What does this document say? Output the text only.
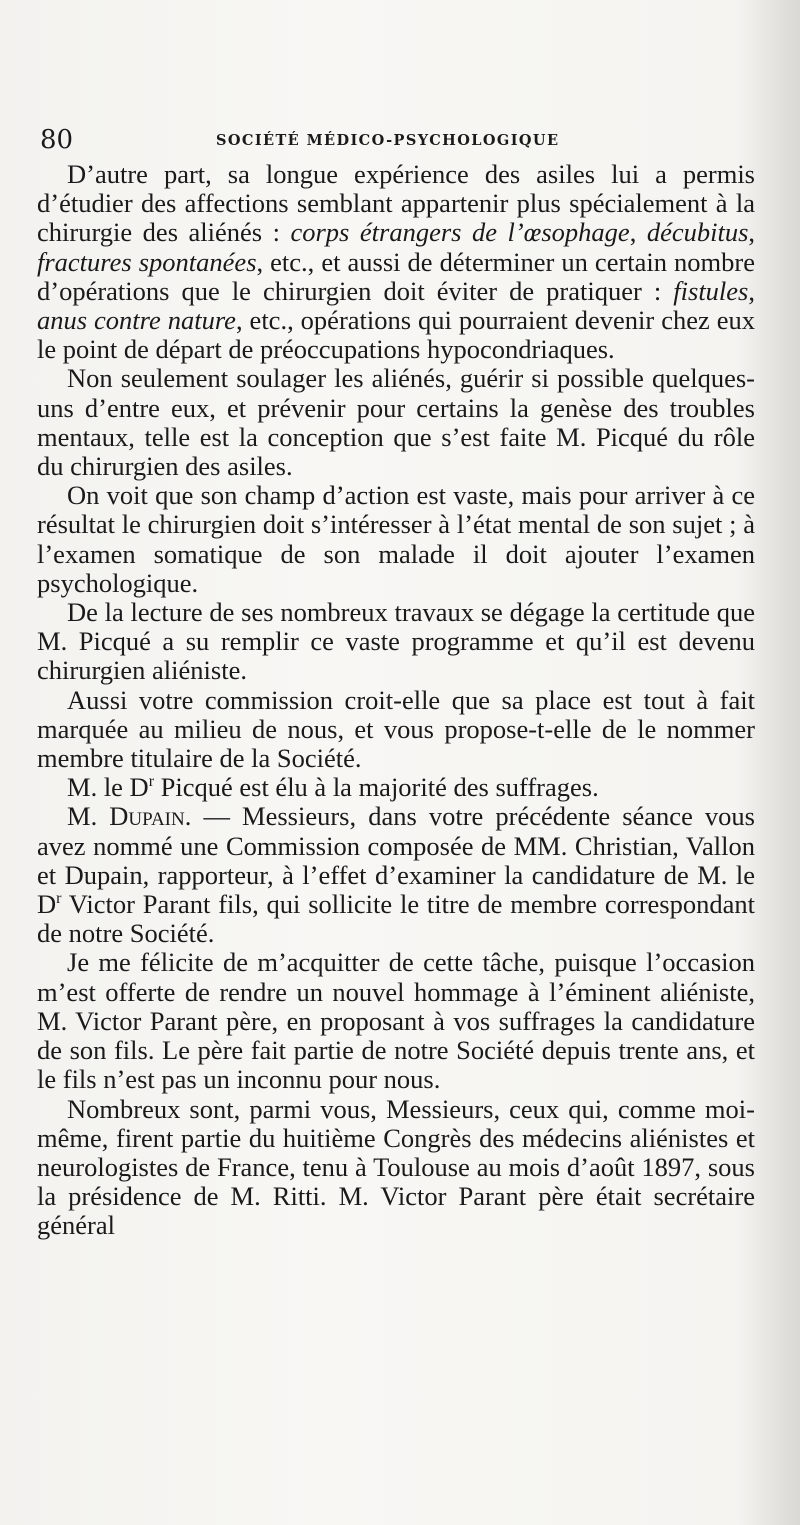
80	SOCIÉTÉ MÉDICO-PSYCHOLOGIQUE

D’autre part, sa longue expérience des asiles lui a permis d’étudier des affections semblant appartenir plus spécialement à la chirurgie des aliénés : corps étrangers de l’œsophage, décubitus, fractures spontanées, etc., et aussi de déterminer un certain nombre d’opérations que le chirurgien doit éviter de pratiquer : fistules, anus contre nature, etc., opérations qui pourraient devenir chez eux le point de départ de préoccupations hypocondriaques.

Non seulement soulager les aliénés, guérir si possible quelques-uns d’entre eux, et prévenir pour certains la genèse des troubles mentaux, telle est la conception que s’est faite M. Picqué du rôle du chirurgien des asiles.

On voit que son champ d’action est vaste, mais pour arriver à ce résultat le chirurgien doit s’intéresser à l’état mental de son sujet ; à l’examen somatique de son malade il doit ajouter l’examen psychologique.

De la lecture de ses nombreux travaux se dégage la certitude que M. Picqué a su remplir ce vaste programme et qu’il est devenu chirurgien aliéniste.

Aussi votre commission croit-elle que sa place est tout à fait marquée au milieu de nous, et vous propose-t-elle de le nommer membre titulaire de la Société.

M. le $D^r$ Picqué est élu à la majorité des suffrages.

M. Dupain. — Messieurs, dans votre précédente séance vous avez nommé une Commission composée de MM. Christian, Vallon et Dupain, rapporteur, à l’effet d’examiner la candidature de M. le $D^r$ Victor Parant fils, qui sollicite le titre de membre correspondant de notre Société.

Je me félicite de m’acquitter de cette tâche, puisque l’occasion m’est offerte de rendre un nouvel hommage à l’éminent aliéniste, M. Victor Parant père, en proposant à vos suffrages la candidature de son fils. Le père fait partie de notre Société depuis trente ans, et le fils n’est pas un inconnu pour nous.

Nombreux sont, parmi vous, Messieurs, ceux qui, comme moi-même, firent partie du huitième Congrès des médecins aliénistes et neurologistes de France, tenu à Toulouse au mois d’août 1897, sous la présidence de M. Ritti. M. Victor Parant père était secrétaire général
